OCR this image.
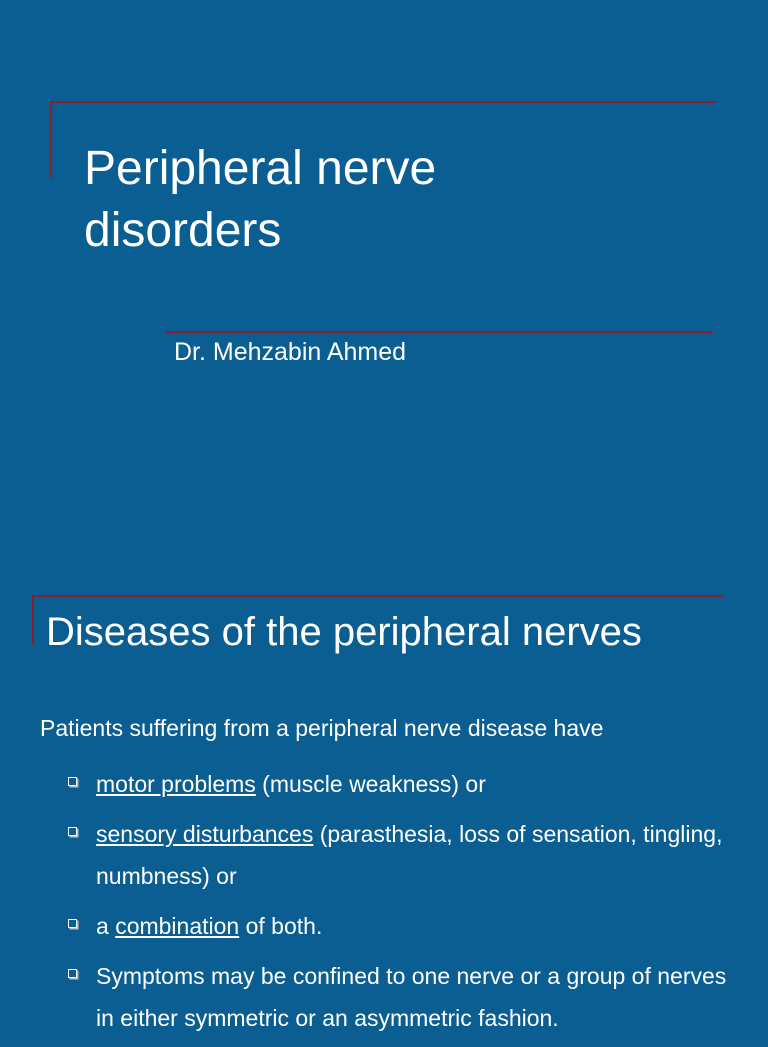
Peripheral nerve
disorders

Dr. Mehzabin Ahmed

Diseases of the peripheral nerves

Patients suffering from a peripheral nerve disease have

motor problems (muscle weakness) or
sensory disturbances (parasthesia, loss of sensation, tingling, numbness) or
a combination of both.
Symptoms may be confined to one nerve or a group of nerves in either symmetric or an asymmetric fashion.
